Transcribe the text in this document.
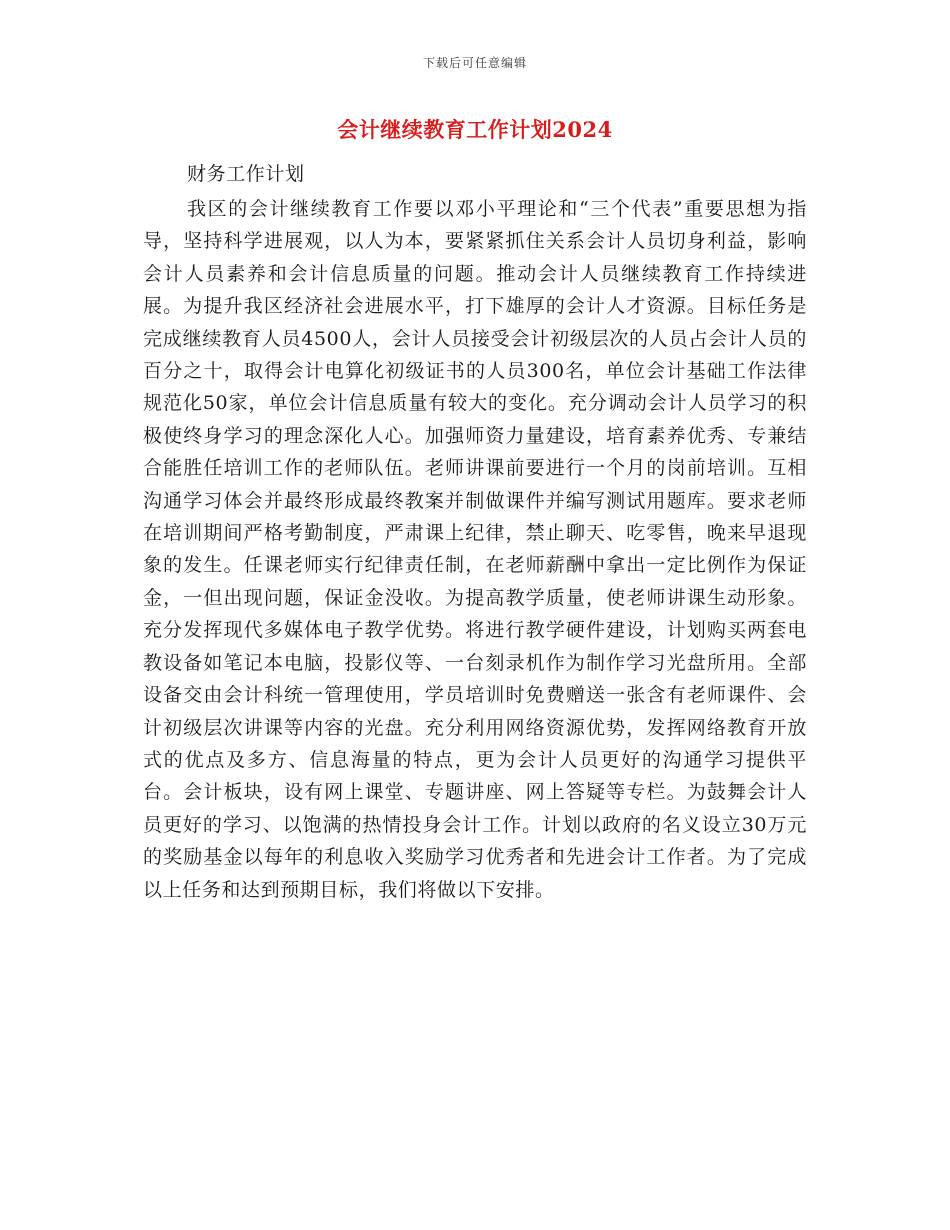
下载后可任意编辑
会计继续教育工作计划2024
财务工作计划

我区的会计继续教育工作要以邓小平理论和“三个代表”重要思想为指导，坚持科学进展观，以人为本，要紧紧抓住关系会计人员切身利益，影响会计人员素养和会计信息质量的问题。推动会计人员继续教育工作持续进展。为提升我区经济社会进展水平，打下雄厚的会计人才资源。目标任务是完成继续教育人员4500人，会计人员接受会计初级层次的人员占会计人员的百分之十，取得会计电算化初级证书的人员300名，单位会计基础工作法律规范化50家，单位会计信息质量有较大的变化。充分调动会计人员学习的积极使终身学习的理念深化人心。加强师资力量建设，培育素养优秀、专兼结合能胜任培训工作的老师队伍。老师讲课前要进行一个月的岗前培训。互相沟通学习体会并最终形成最终教案并制做课件并编写测试用题库。要求老师在培训期间严格考勤制度，严肃课上纪律，禁止聊天、吃零售，晚来早退现象的发生。任课老师实行纪律责任制，在老师薪酬中拿出一定比例作为保证金，一但出现问题，保证金没收。为提高教学质量，使老师讲课生动形象。充分发挥现代多媒体电子教学优势。将进行教学硬件建设，计划购买两套电教设备如笔记本电脑，投影仪等、一台刻录机作为制作学习光盘所用。全部设备交由会计科统一管理使用，学员培训时免费赠送一张含有老师课件、会计初级层次讲课等内容的光盘。充分利用网络资源优势，发挥网络教育开放式的优点及多方、信息海量的特点，更为会计人员更好的沟通学习提供平台。会计板块，设有网上课堂、专题讲座、网上答疑等专栏。为鼓舞会计人员更好的学习、以饱满的热情投身会计工作。计划以政府的名义设立30万元的奖励基金以每年的利息收入奖励学习优秀者和先进会计工作者。为了完成以上任务和达到预期目标，我们将做以下安排。
